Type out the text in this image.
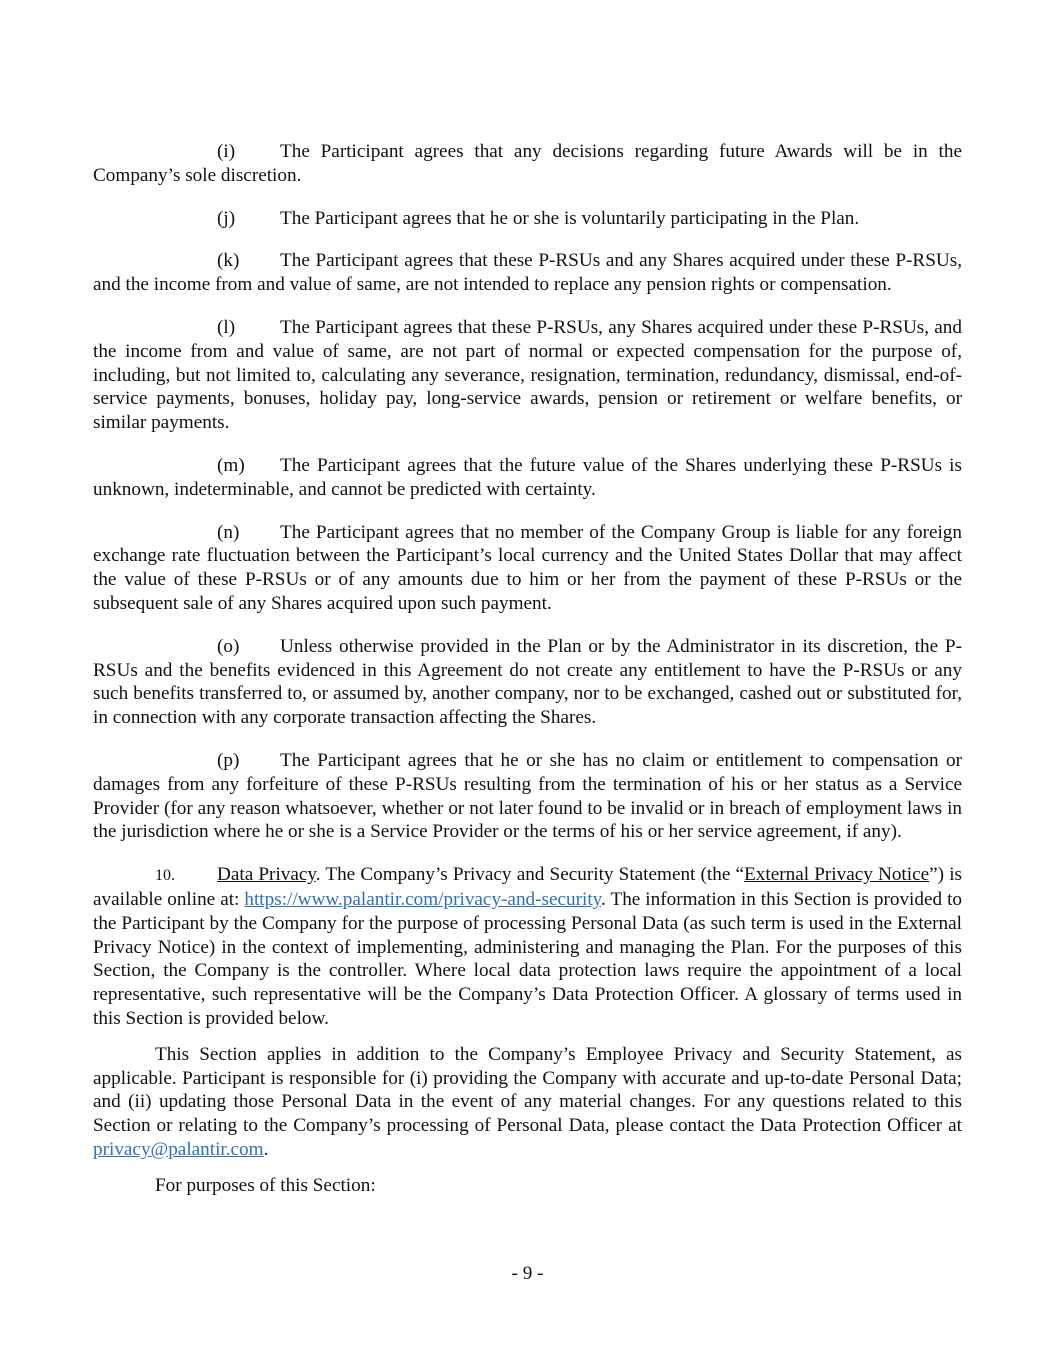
(i) The Participant agrees that any decisions regarding future Awards will be in the Company’s sole discretion.

(j) The Participant agrees that he or she is voluntarily participating in the Plan.

(k) The Participant agrees that these P-RSUs and any Shares acquired under these P-RSUs, and the income from and value of same, are not intended to replace any pension rights or compensation.

(l) The Participant agrees that these P-RSUs, any Shares acquired under these P-RSUs, and the income from and value of same, are not part of normal or expected compensation for the purpose of, including, but not limited to, calculating any severance, resignation, termination, redundancy, dismissal, end-of-service payments, bonuses, holiday pay, long-service awards, pension or retirement or welfare benefits, or similar payments.

(m) The Participant agrees that the future value of the Shares underlying these P-RSUs is unknown, indeterminable, and cannot be predicted with certainty.

(n) The Participant agrees that no member of the Company Group is liable for any foreign exchange rate fluctuation between the Participant’s local currency and the United States Dollar that may affect the value of these P-RSUs or of any amounts due to him or her from the payment of these P-RSUs or the subsequent sale of any Shares acquired upon such payment.

(o) Unless otherwise provided in the Plan or by the Administrator in its discretion, the P-RSUs and the benefits evidenced in this Agreement do not create any entitlement to have the P-RSUs or any such benefits transferred to, or assumed by, another company, nor to be exchanged, cashed out or substituted for, in connection with any corporate transaction affecting the Shares.

(p) The Participant agrees that he or she has no claim or entitlement to compensation or damages from any forfeiture of these P-RSUs resulting from the termination of his or her status as a Service Provider (for any reason whatsoever, whether or not later found to be invalid or in breach of employment laws in the jurisdiction where he or she is a Service Provider or the terms of his or her service agreement, if any).

10. Data Privacy. The Company’s Privacy and Security Statement (the “External Privacy Notice”) is available online at: https://www.palantir.com/privacy-and-security. The information in this Section is provided to the Participant by the Company for the purpose of processing Personal Data (as such term is used in the External Privacy Notice) in the context of implementing, administering and managing the Plan. For the purposes of this Section, the Company is the controller. Where local data protection laws require the appointment of a local representative, such representative will be the Company’s Data Protection Officer. A glossary of terms used in this Section is provided below.

This Section applies in addition to the Company’s Employee Privacy and Security Statement, as applicable. Participant is responsible for (i) providing the Company with accurate and up-to-date Personal Data; and (ii) updating those Personal Data in the event of any material changes. For any questions related to this Section or relating to the Company’s processing of Personal Data, please contact the Data Protection Officer at privacy@palantir.com.

For purposes of this Section:

- 9 -
